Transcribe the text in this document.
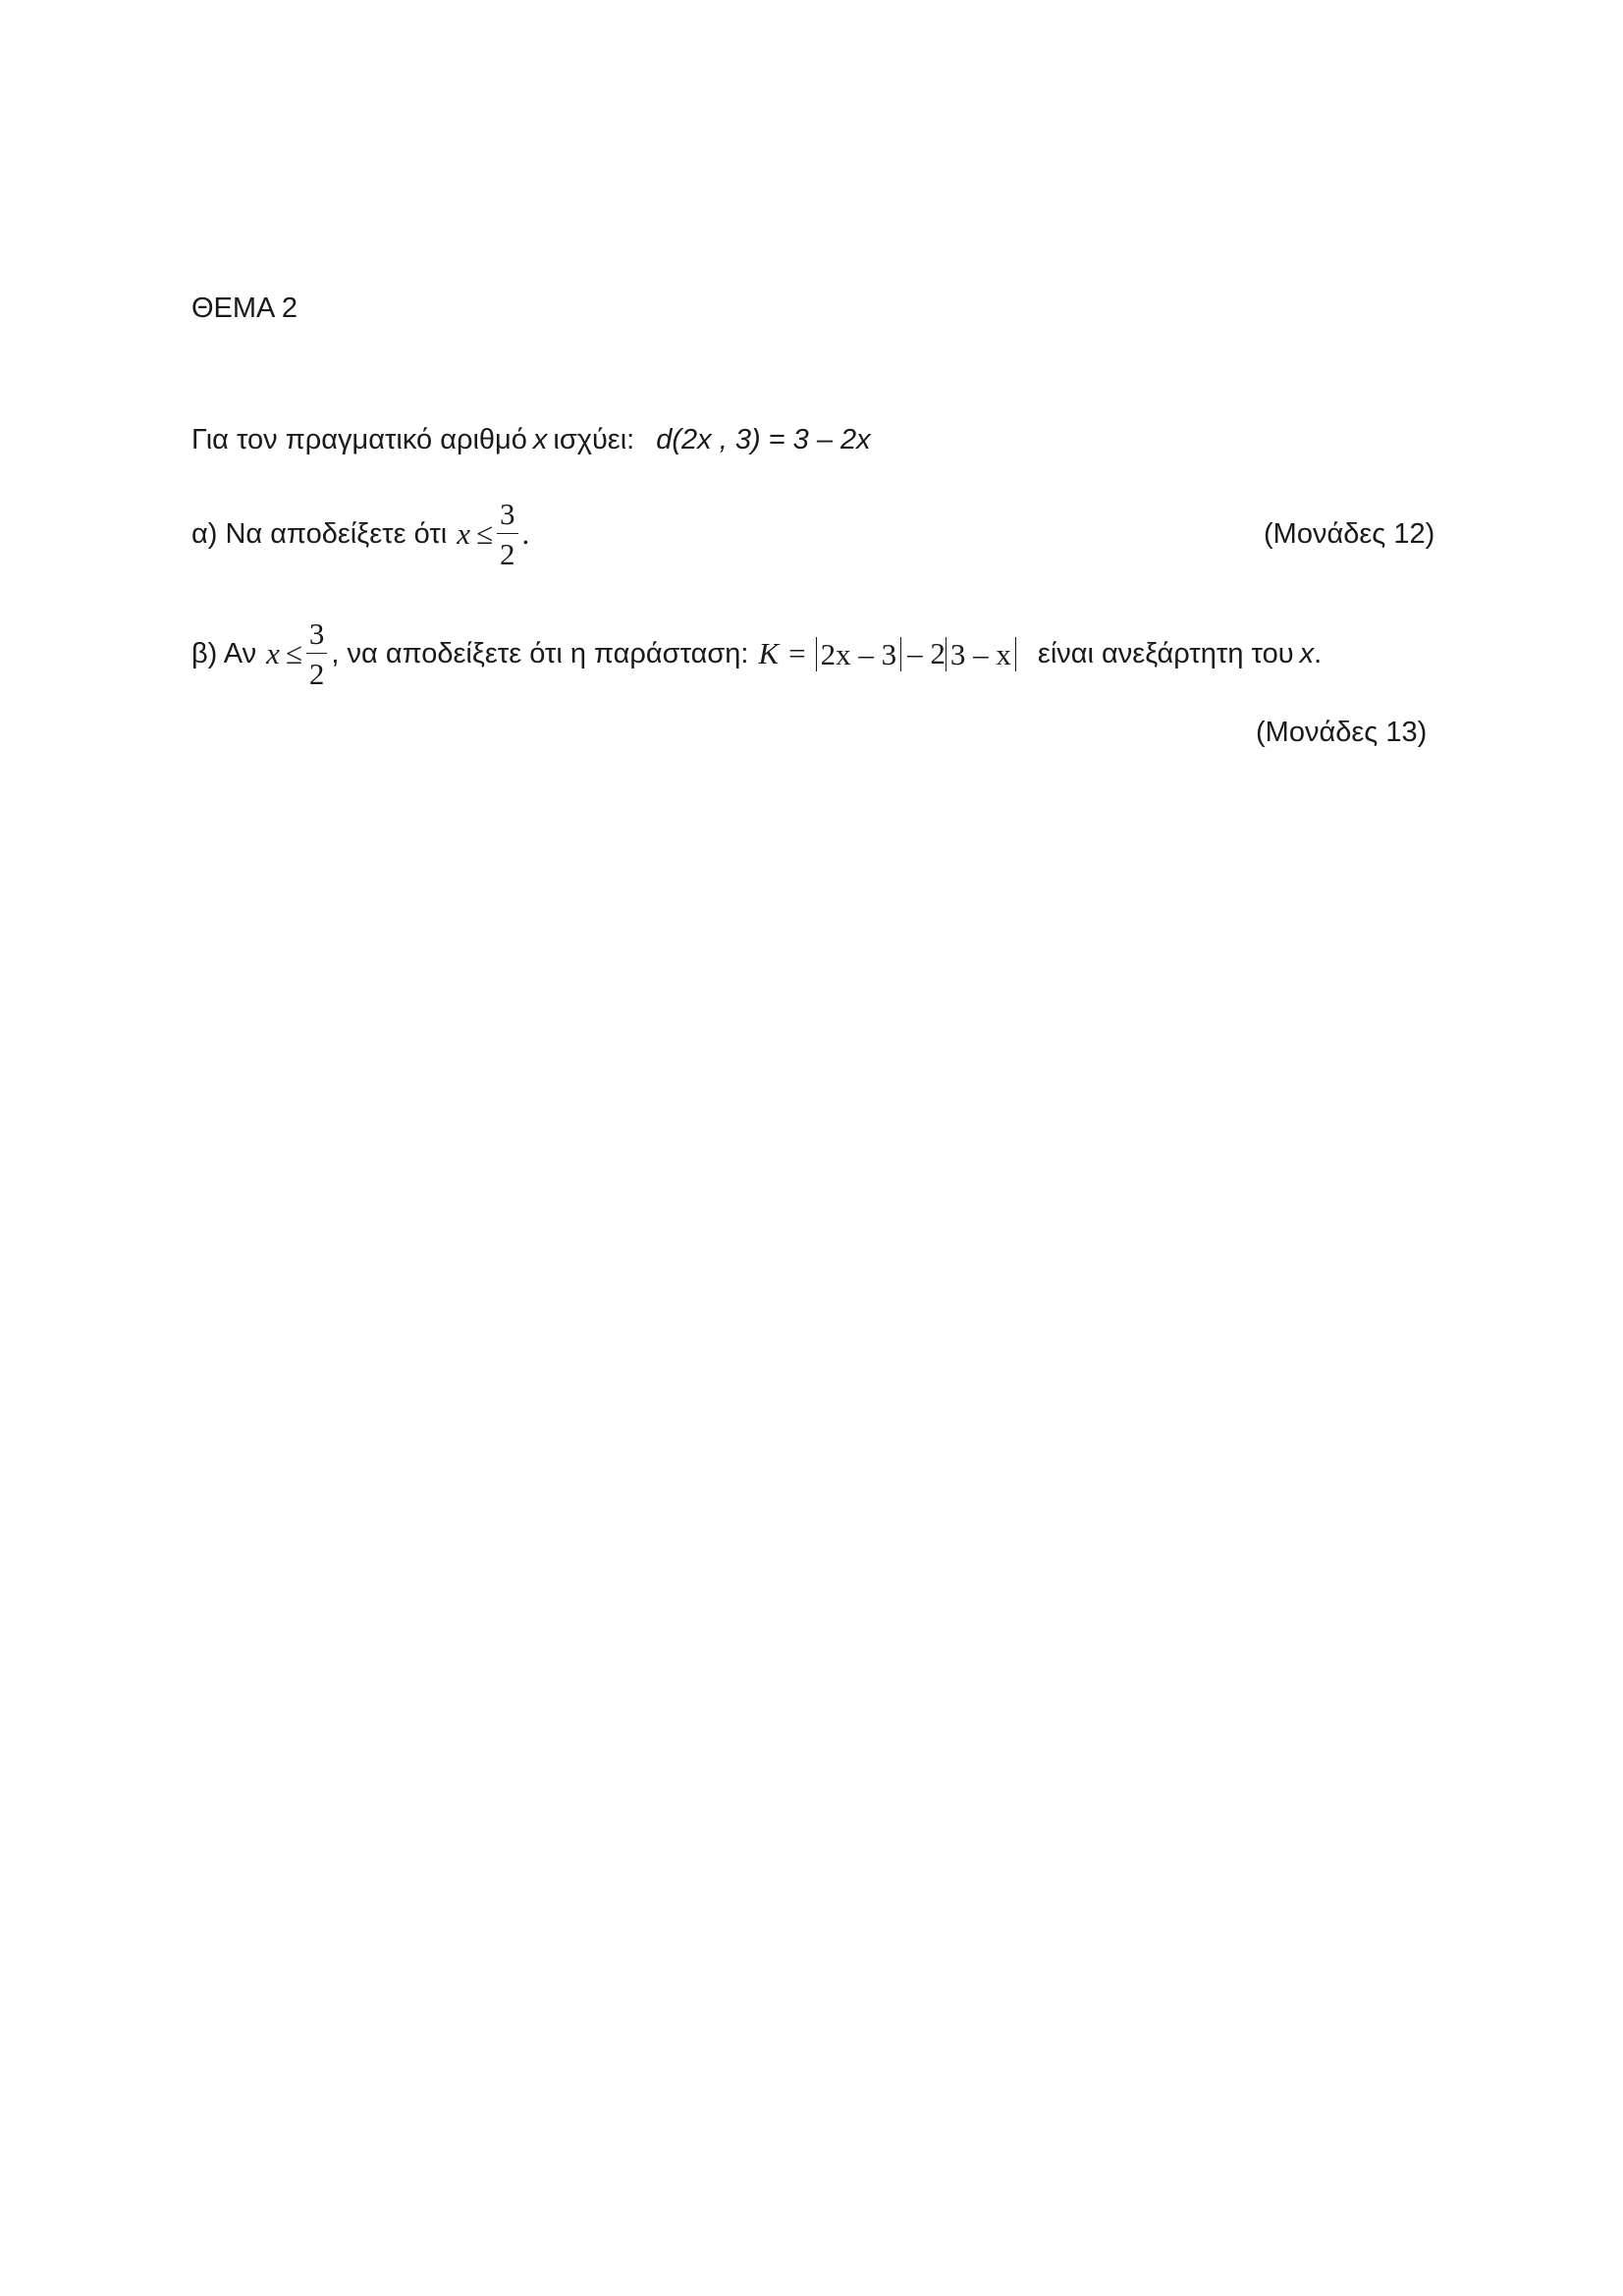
ΘΕΜΑ 2
Για τον πραγματικό αριθμό x ισχύει: d(2x , 3) = 3 – 2x
α) Να αποδείξετε ότι $x \le \frac{3}{2}$ .	(Μονάδες 12)
β) Αν $x \le \frac{3}{2}$ , να αποδείξετε ότι η παράσταση: K = 2x – 3 – 2 3 – x είναι ανεξάρτητη του x .
(Μονάδες 13)
